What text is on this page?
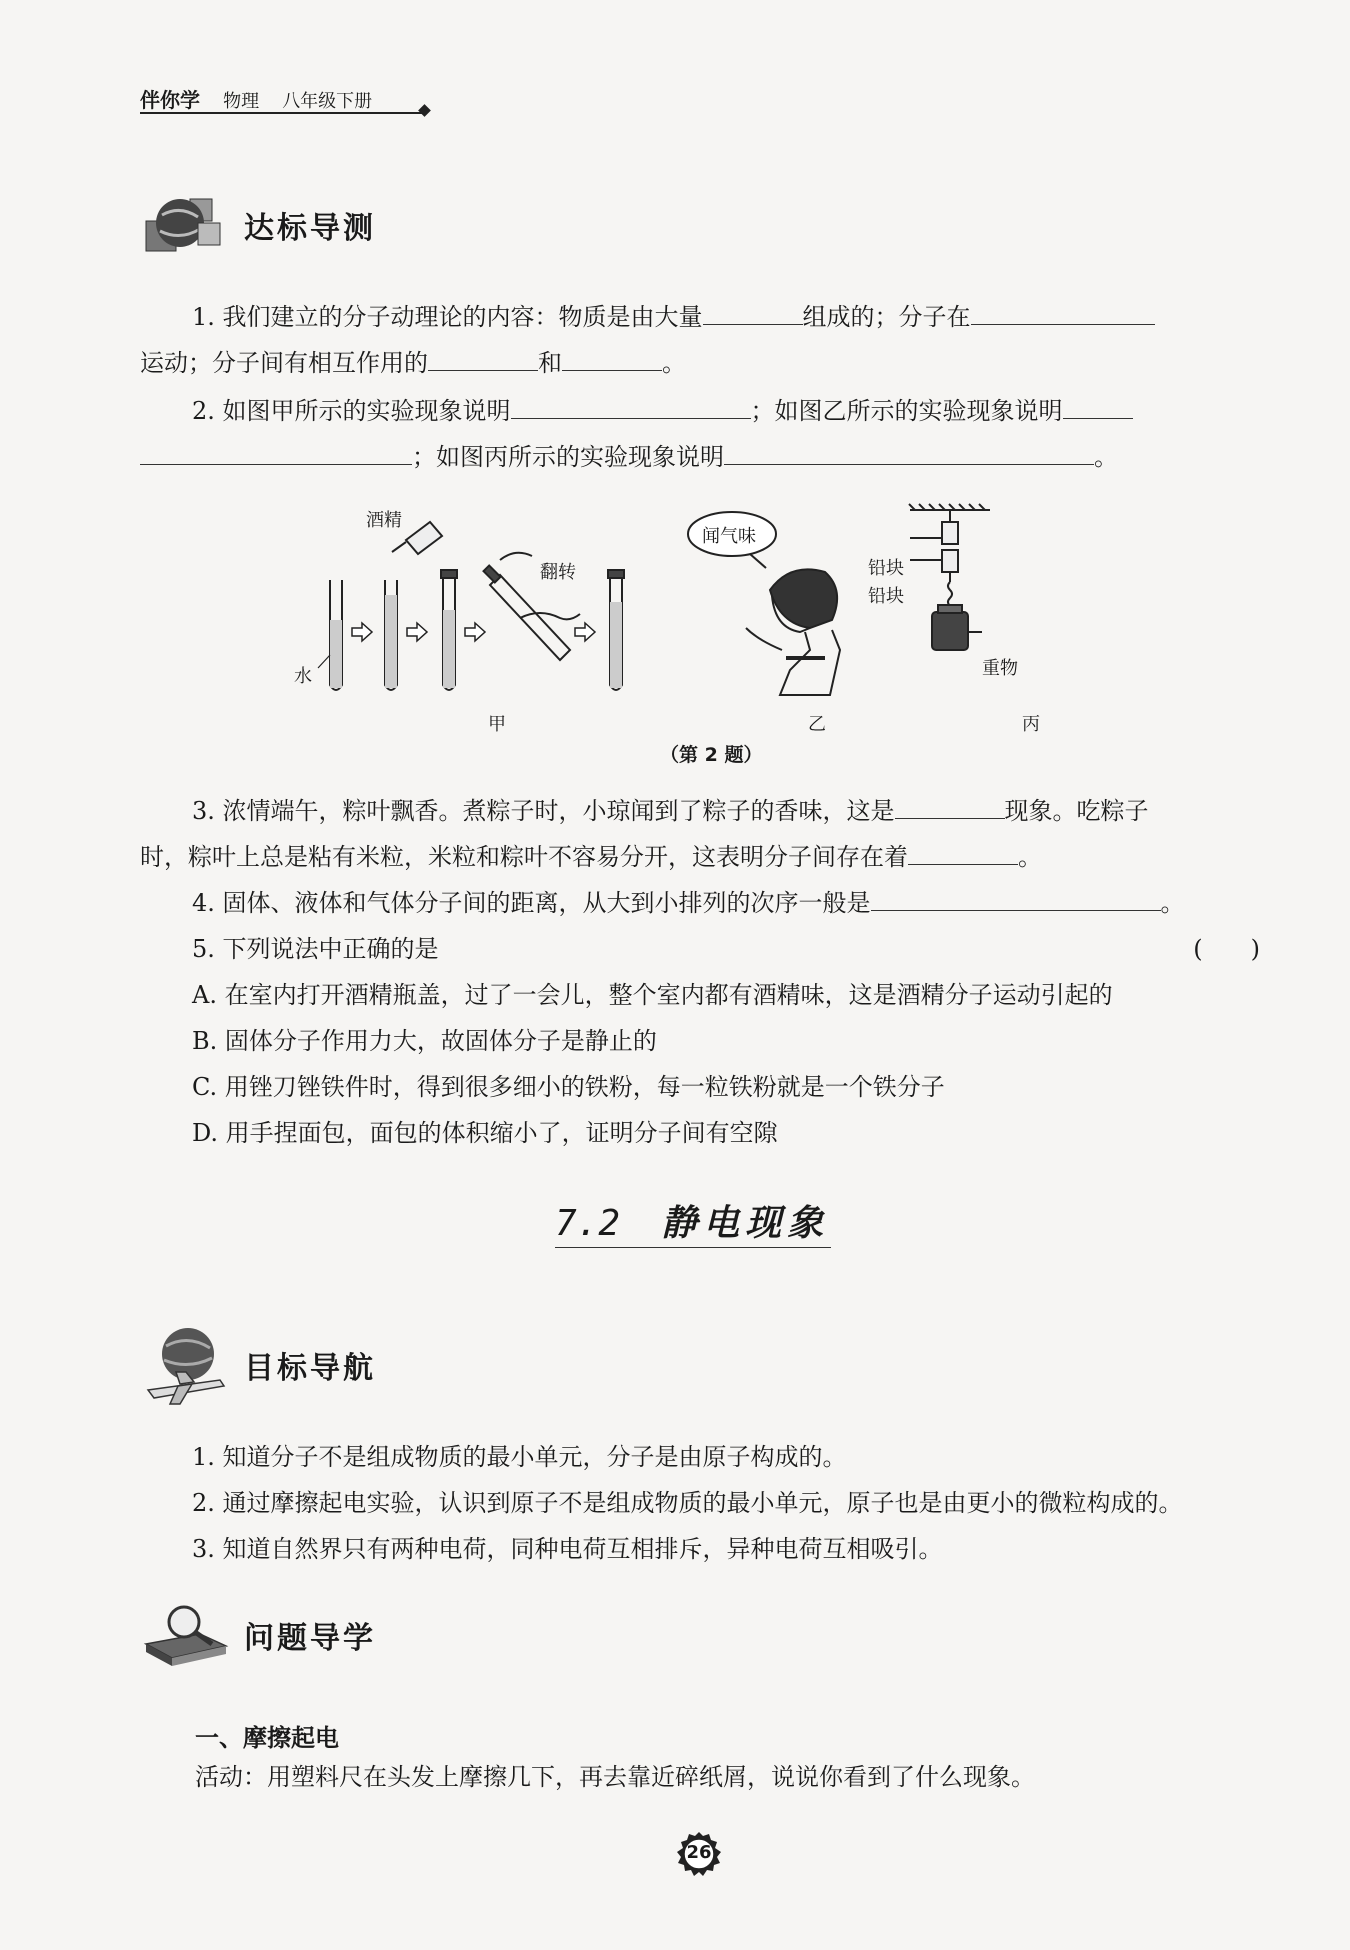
伴你学 物理 八年级下册
达标导测

1. 我们建立的分子动理论的内容：物质是由大量	组成的；分子在

运动；分子间有相互作用的	和	。

2. 如图甲所示的实验现象说明	；如图乙所示的实验现象说明

；如图丙所示的实验现象说明	。

酒精
水
翻转
闻气味
铅块
铅块
重物
甲	乙	丙
（第 2 题）

3. 浓情端午，粽叶飘香。煮粽子时，小琼闻到了粽子的香味，这是	现象。吃粽子

时，粽叶上总是粘有米粒，米粒和粽叶不容易分开，这表明分子间存在着	。

4. 固体、液体和气体分子间的距离，从大到小排列的次序一般是	。

5. 下列说法中正确的是	(　　)

A. 在室内打开酒精瓶盖，过了一会儿，整个室内都有酒精味，这是酒精分子运动引起的

B. 固体分子作用力大，故固体分子是静止的

C. 用锉刀锉铁件时，得到很多细小的铁粉，每一粒铁粉就是一个铁分子

D. 用手捏面包，面包的体积缩小了，证明分子间有空隙

7.2 静电现象
目标导航

1. 知道分子不是组成物质的最小单元，分子是由原子构成的。

2. 通过摩擦起电实验，认识到原子不是组成物质的最小单元，原子也是由更小的微粒构成的。

3. 知道自然界只有两种电荷，同种电荷互相排斥，异种电荷互相吸引。

问题导学
一、摩擦起电

活动：用塑料尺在头发上摩擦几下，再去靠近碎纸屑，说说你看到了什么现象。

26
